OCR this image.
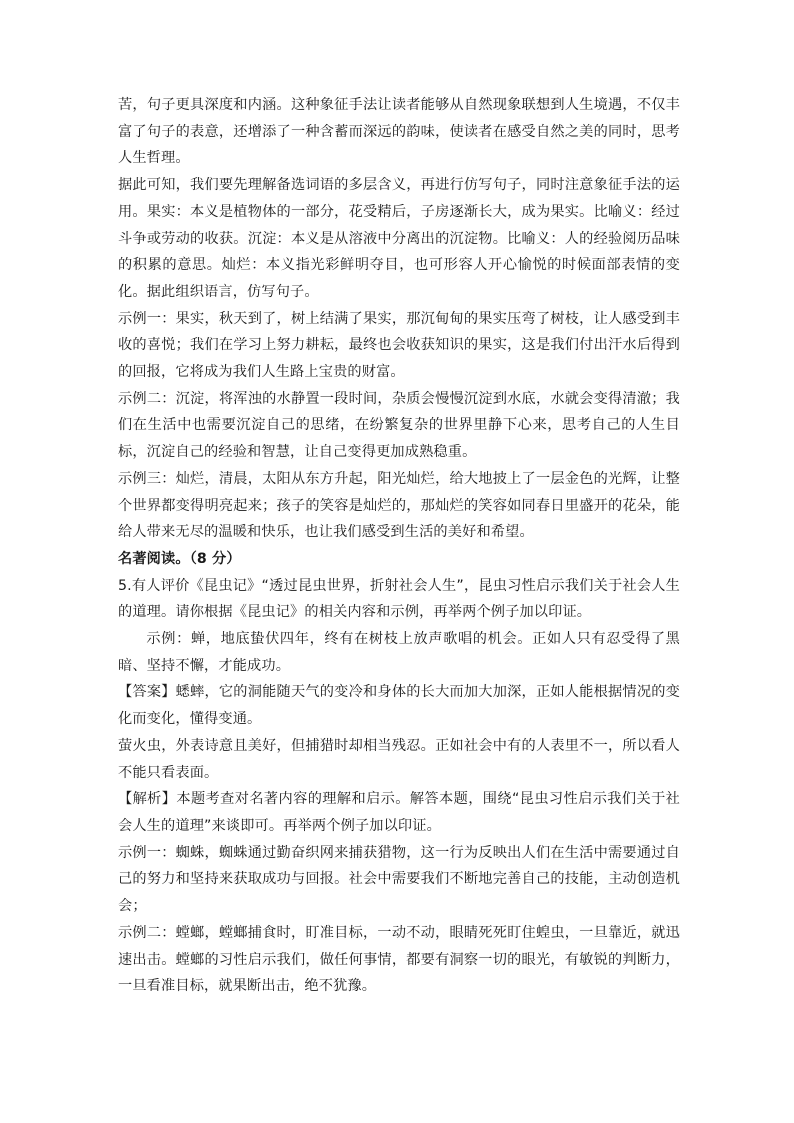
苦，句子更具深度和内涵。这种象征手法让读者能够从自然现象联想到人生境遇，不仅丰富了句子的表意，还增添了一种含蓄而深远的韵味，使读者在感受自然之美的同时，思考人生哲理。

据此可知，我们要先理解备选词语的多层含义，再进行仿写句子，同时注意象征手法的运用。果实：本义是植物体的一部分，花受精后，子房逐渐长大，成为果实。比喻义：经过斗争或劳动的收获。沉淀：本义是从溶液中分离出的沉淀物。比喻义：人的经验阅历品味的积累的意思。灿烂：本义指光彩鲜明夺目，也可形容人开心愉悦的时候面部表情的变化。据此组织语言，仿写句子。

示例一：果实，秋天到了，树上结满了果实，那沉甸甸的果实压弯了树枝，让人感受到丰收的喜悦；我们在学习上努力耕耘，最终也会收获知识的果实，这是我们付出汗水后得到的回报，它将成为我们人生路上宝贵的财富。

示例二：沉淀，将浑浊的水静置一段时间，杂质会慢慢沉淀到水底，水就会变得清澈；我们在生活中也需要沉淀自己的思绪，在纷繁复杂的世界里静下心来，思考自己的人生目标，沉淀自己的经验和智慧，让自己变得更加成熟稳重。

示例三：灿烂，清晨，太阳从东方升起，阳光灿烂，给大地披上了一层金色的光辉，让整个世界都变得明亮起来；孩子的笑容是灿烂的，那灿烂的笑容如同春日里盛开的花朵，能给人带来无尽的温暖和快乐，也让我们感受到生活的美好和希望。

名著阅读。（8 分）

5.有人评价《昆虫记》“透过昆虫世界，折射社会人生”，昆虫习性启示我们关于社会人生的道理。请你根据《昆虫记》的相关内容和示例，再举两个例子加以印证。

示例：蝉，地底蛰伏四年，终有在树枝上放声歌唱的机会。正如人只有忍受得了黑暗、坚持不懈，才能成功。

【答案】蟋蟀，它的洞能随天气的变冷和身体的长大而加大加深，正如人能根据情况的变化而变化，懂得变通。

萤火虫，外表诗意且美好，但捕猎时却相当残忍。正如社会中有的人表里不一，所以看人不能只看表面。

【解析】本题考查对名著内容的理解和启示。解答本题，围绕“昆虫习性启示我们关于社会人生的道理”来谈即可。再举两个例子加以印证。

示例一：蜘蛛，蜘蛛通过勤奋织网来捕获猎物，这一行为反映出人们在生活中需要通过自己的努力和坚持来获取成功与回报。社会中需要我们不断地完善自己的技能，主动创造机会；

示例二：螳螂，螳螂捕食时，盯准目标，一动不动，眼睛死死盯住蝗虫，一旦靠近，就迅速出击。螳螂的习性启示我们，做任何事情，都要有洞察一切的眼光，有敏锐的判断力，一旦看准目标，就果断出击，绝不犹豫。
